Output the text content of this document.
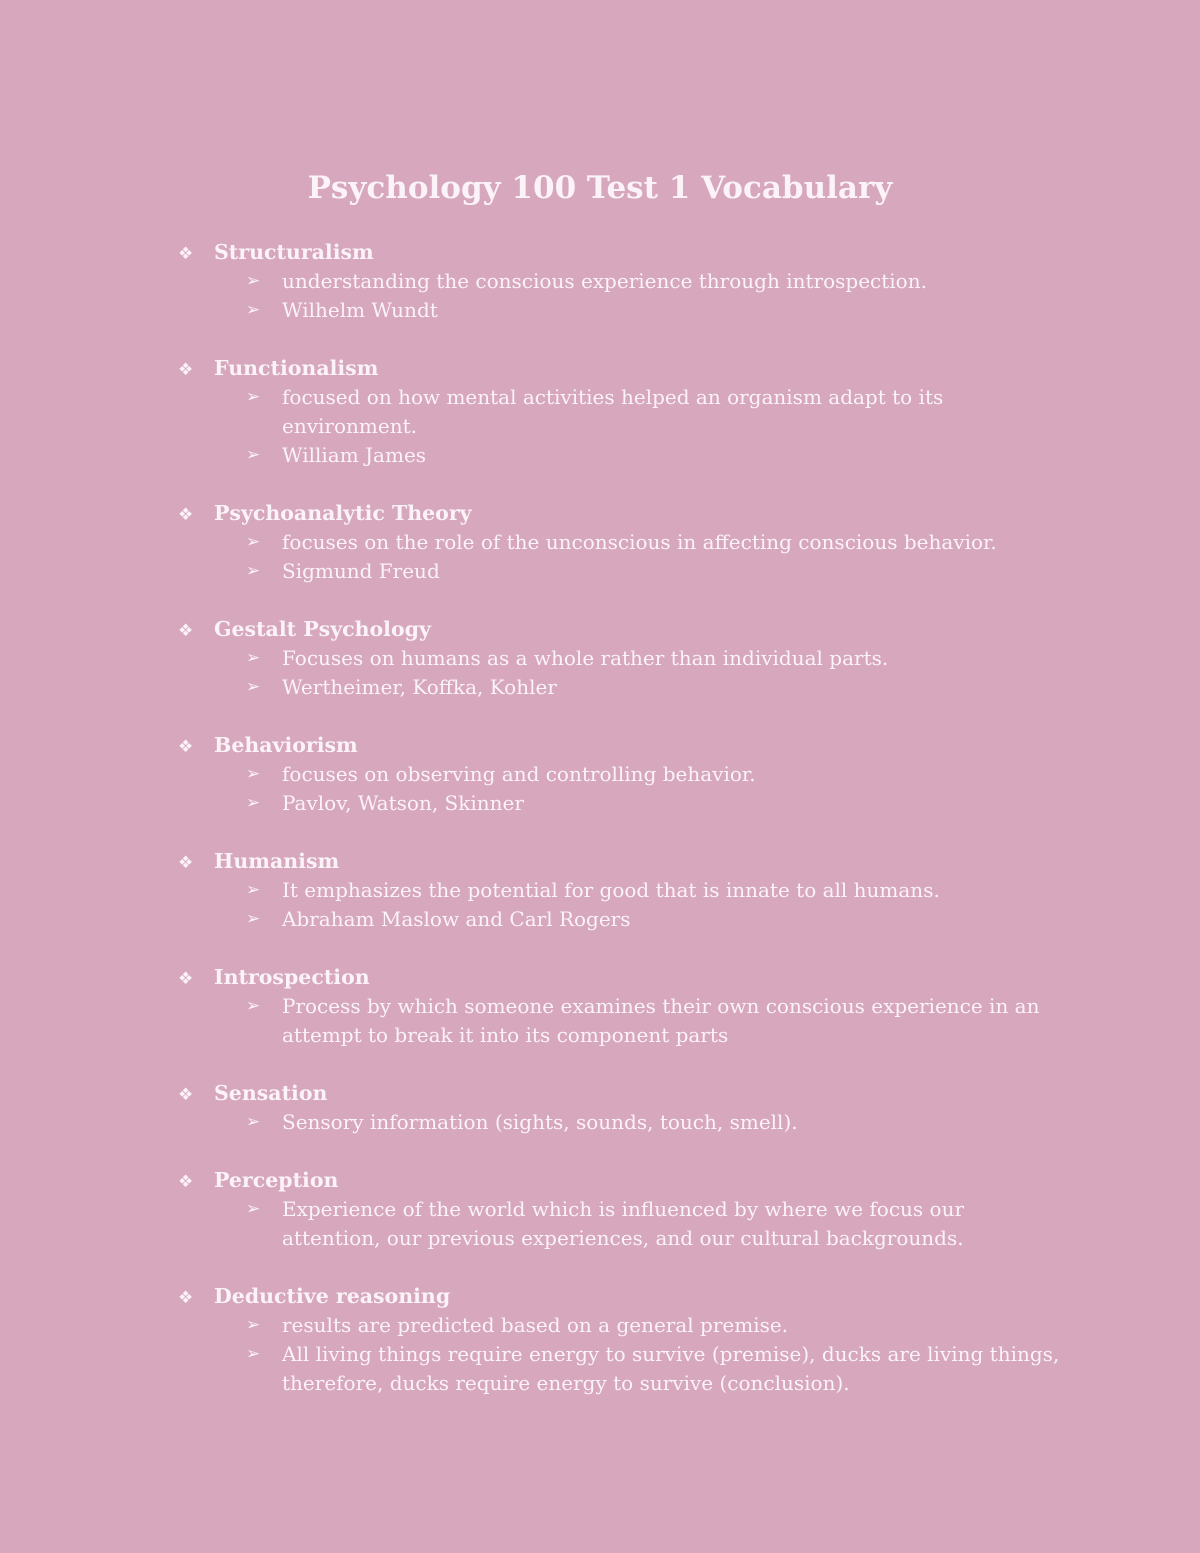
Psychology 100 Test 1 Vocabulary
❖	Structuralism
➢	understanding the conscious experience through introspection.
➢	Wilhelm Wundt
❖	Functionalism
➢	focused on how mental activities helped an organism adapt to its environment.
➢	William James
❖	Psychoanalytic Theory
➢	focuses on the role of the unconscious in affecting conscious behavior.
➢	Sigmund Freud
❖	Gestalt Psychology
➢	Focuses on humans as a whole rather than individual parts.
➢	Wertheimer, Koffka, Kohler
❖	Behaviorism
➢	focuses on observing and controlling behavior.
➢	Pavlov, Watson, Skinner
❖	Humanism
➢	It emphasizes the potential for good that is innate to all humans.
➢	Abraham Maslow and Carl Rogers
❖	Introspection
➢	Process by which someone examines their own conscious experience in an attempt to break it into its component parts
❖	Sensation
➢	Sensory information (sights, sounds, touch, smell).
❖	Perception
➢	Experience of the world which is influenced by where we focus our attention, our previous experiences, and our cultural backgrounds.
❖	Deductive reasoning
➢	results are predicted based on a general premise.
➢	All living things require energy to survive (premise), ducks are living things, therefore, ducks require energy to survive (conclusion).
